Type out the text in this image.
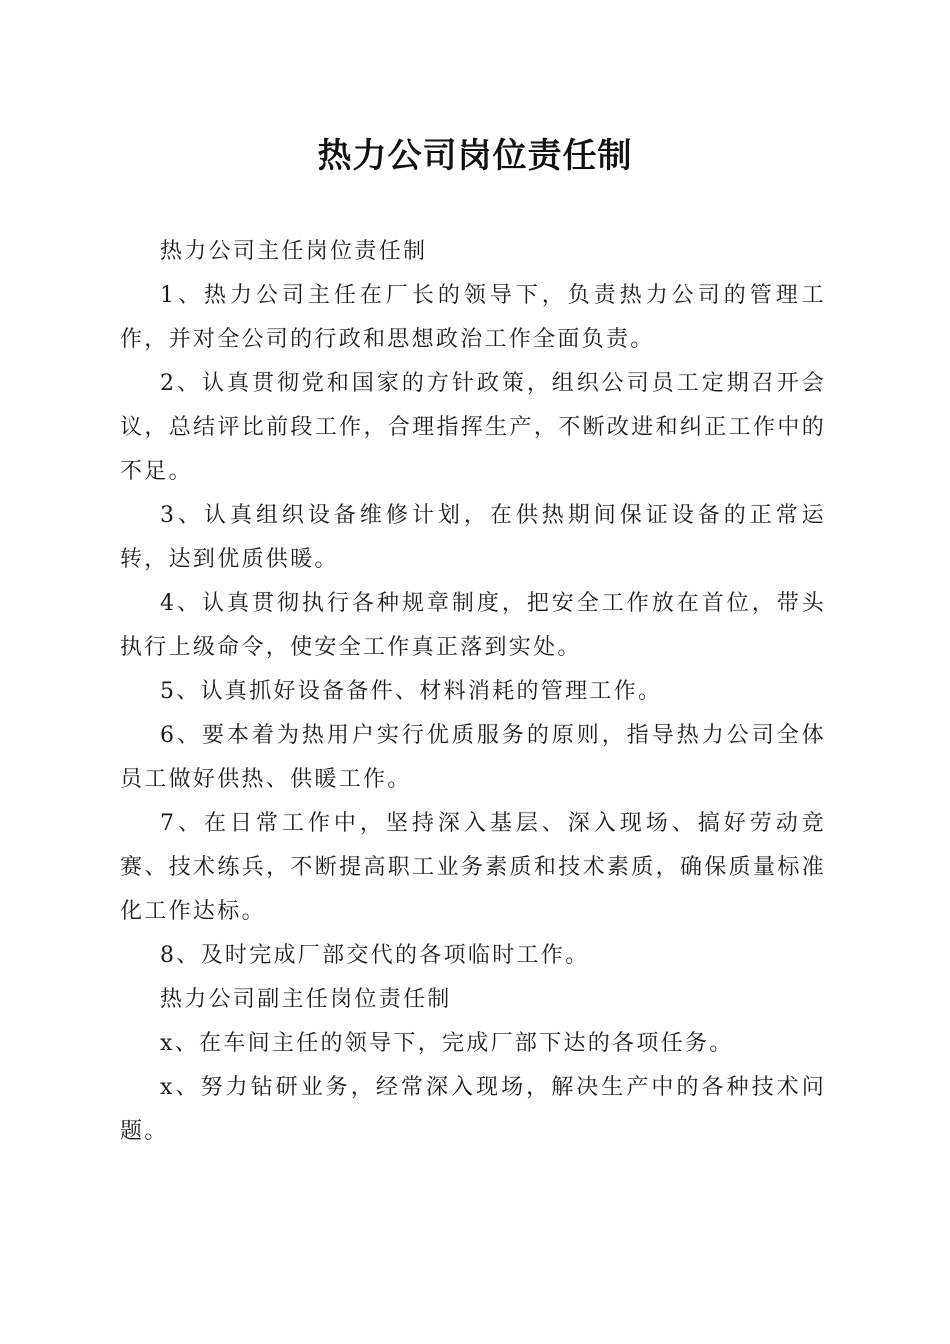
热力公司岗位责任制

热力公司主任岗位责任制

1、热力公司主任在厂长的领导下，负责热力公司的管理工作，并对全公司的行政和思想政治工作全面负责。

2、认真贯彻党和国家的方针政策，组织公司员工定期召开会议，总结评比前段工作，合理指挥生产，不断改进和纠正工作中的不足。

3、认真组织设备维修计划，在供热期间保证设备的正常运转，达到优质供暖。

4、认真贯彻执行各种规章制度，把安全工作放在首位，带头执行上级命令，使安全工作真正落到实处。

5、认真抓好设备备件、材料消耗的管理工作。

6、要本着为热用户实行优质服务的原则，指导热力公司全体员工做好供热、供暖工作。

7、在日常工作中，坚持深入基层、深入现场、搞好劳动竞赛、技术练兵，不断提高职工业务素质和技术素质，确保质量标准化工作达标。

8、及时完成厂部交代的各项临时工作。

热力公司副主任岗位责任制

x、在车间主任的领导下，完成厂部下达的各项任务。

x、努力钻研业务，经常深入现场，解决生产中的各种技术问题。
